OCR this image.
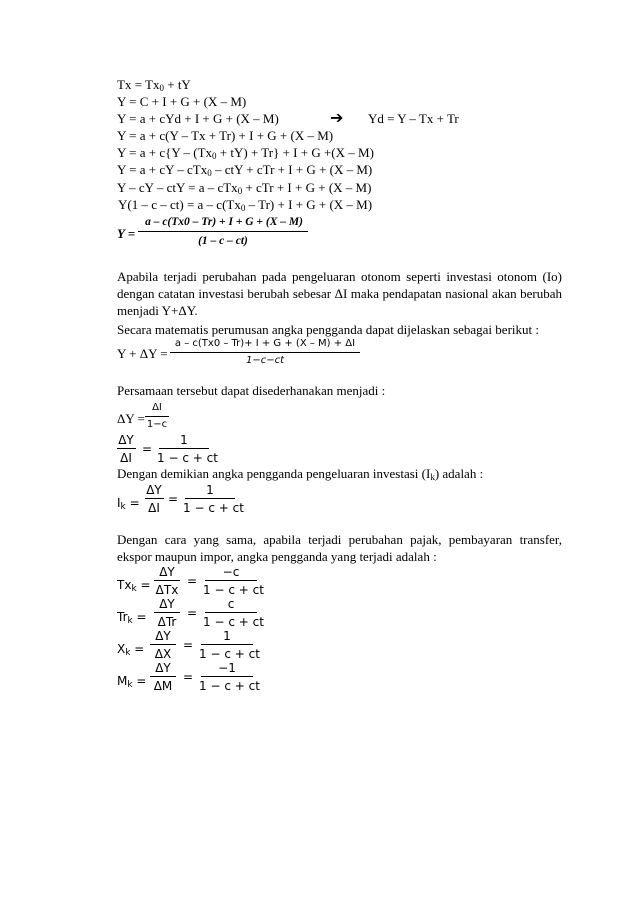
$Tx = Tx_0$ + tY
Y = C + I + G + (X – M)
Y = a + cYd + I + G + (X – M)	➔ Yd = Y – Tx + Tr
Y = a + c(Y – Tx + Tr) + I + G + (X – M)
$Y = a + c\{Y - (Tx_0 + tY) + Tr\} + I + G +(X - M)$
Y = a + cY – cTx$_0$ – ctY + cTr + I + G + (X – M)
Y – cY – ctY = a – cTx$_0$ + cTr + I + G + (X – M)
$Y(1 - c - ct) = a - c(Tx_0 - Tr) + I + G + (X - M)$
Y =
a – c(Tx0 – Tr) + I + G + (X – M)
(1 – c – ct)
Apabila terjadi perubahan pada pengeluaran otonom seperti investasi otonom (Io) dengan catatan investasi berubah sebesar ΔI maka pendapatan nasional akan berubah menjadi Y+ΔY.
Secara matematis perumusan angka pengganda dapat dijelaskan sebagai berikut :
Y + ΔY =
a – c(Tx0 – Tr)+ I + G + (X – M) + ΔI
1−c−ct
Persamaan tersebut dapat disederhanakan menjadi :
ΔY =
ΔI
1−c
ΔY
ΔI
=
1
1 − c + ct
Dengan demikian angka pengganda pengeluaran investasi $(I_k)$ adalah :
$I_k$ =
ΔY
ΔI
=
1
1 − c + ct
Dengan cara yang sama, apabila terjadi perubahan pajak, pembayaran transfer, ekspor maupun impor, angka pengganda yang terjadi adalah :
$Tx_k$ =
ΔY
ΔTx
=
−c
1 − c + ct
$Tr_k$ =
ΔY
ΔTr
=
c
1 − c + ct
$X_k$ =
ΔY
ΔX
=
1
1 − c + ct
$M_k$ =
ΔY
ΔM
=
−1
1 − c + ct
